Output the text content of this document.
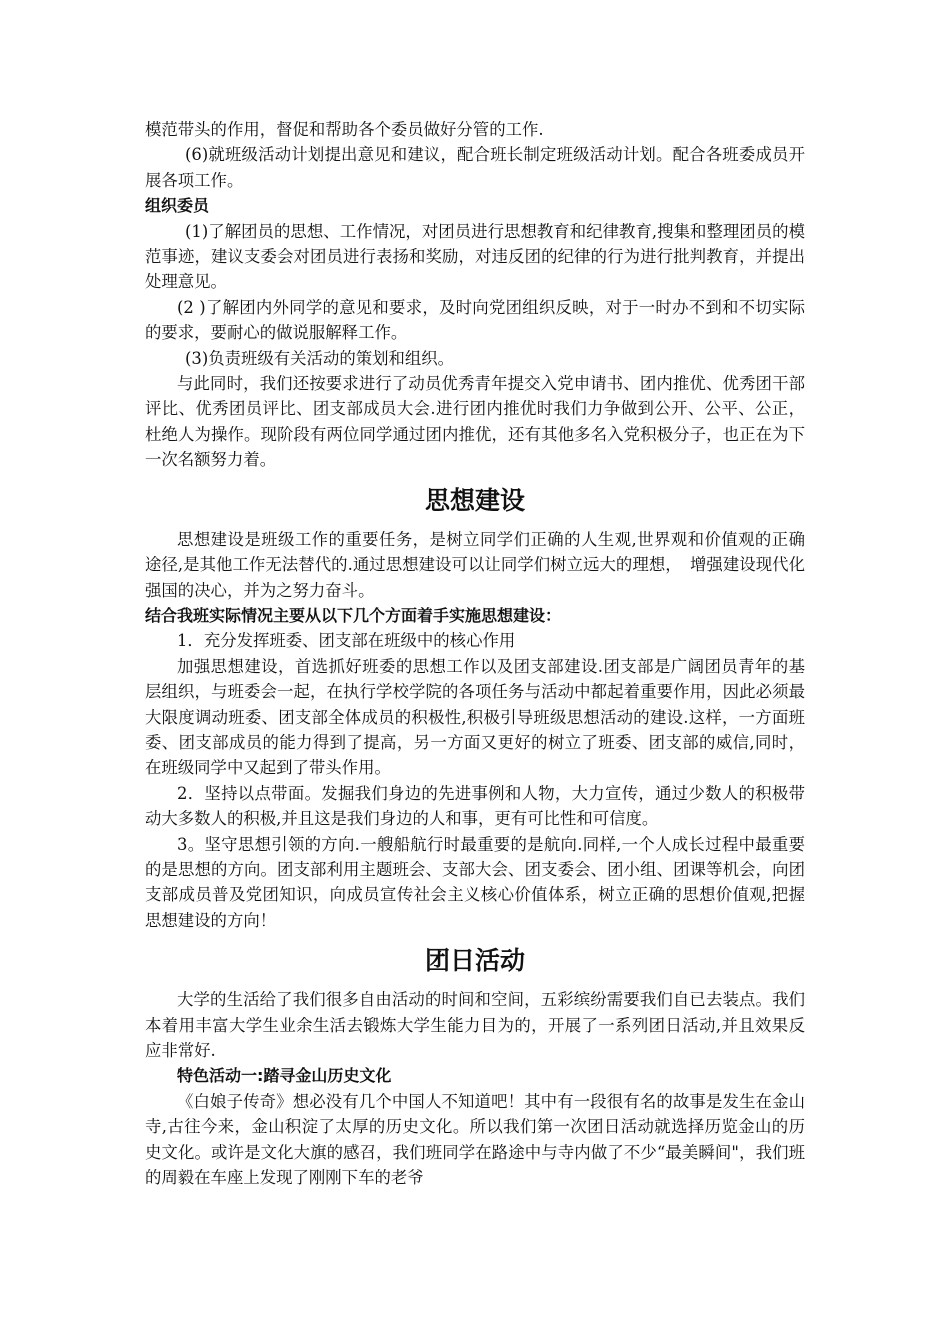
模范带头的作用，督促和帮助各个委员做好分管的工作.

(6)就班级活动计划提出意见和建议，配合班长制定班级活动计划。配合各班委成员开展各项工作。

组织委员

(1)了解团员的思想、工作情况，对团员进行思想教育和纪律教育,搜集和整理团员的模范事迹，建议支委会对团员进行表扬和奖励，对违反团的纪律的行为进行批判教育，并提出处理意见。

(2 )了解团内外同学的意见和要求，及时向党团组织反映，对于一时办不到和不切实际的要求，要耐心的做说服解释工作。

(3)负责班级有关活动的策划和组织。

与此同时，我们还按要求进行了动员优秀青年提交入党申请书、团内推优、优秀团干部评比、优秀团员评比、团支部成员大会.进行团内推优时我们力争做到公开、公平、公正，杜绝人为操作。现阶段有两位同学通过团内推优，还有其他多名入党积极分子，也正在为下一次名额努力着。

思想建设

思想建设是班级工作的重要任务，是树立同学们正确的人生观,世界观和价值观的正确途径,是其他工作无法替代的.通过思想建设可以让同学们树立远大的理想，　增强建设现代化强国的决心，并为之努力奋斗。

结合我班实际情况主要从以下几个方面着手实施思想建设：

1．充分发挥班委、团支部在班级中的核心作用

加强思想建设，首选抓好班委的思想工作以及团支部建设.团支部是广阔团员青年的基层组织，与班委会一起，在执行学校学院的各项任务与活动中都起着重要作用，因此必须最大限度调动班委、团支部全体成员的积极性,积极引导班级思想活动的建设.这样，一方面班委、团支部成员的能力得到了提高，另一方面又更好的树立了班委、团支部的威信,同时，在班级同学中又起到了带头作用。

2．坚持以点带面。发掘我们身边的先进事例和人物，大力宣传，通过少数人的积极带动大多数人的积极,并且这是我们身边的人和事，更有可比性和可信度。

3。坚守思想引领的方向.一艘船航行时最重要的是航向.同样,一个人成长过程中最重要的是思想的方向。团支部利用主题班会、支部大会、团支委会、团小组、团课等机会，向团支部成员普及党团知识，向成员宣传社会主义核心价值体系，树立正确的思想价值观,把握思想建设的方向！

团日活动

大学的生活给了我们很多自由活动的时间和空间，五彩缤纷需要我们自已去装点。我们本着用丰富大学生业余生活去锻炼大学生能力目为的，开展了一系列团日活动,并且效果反应非常好.

特色活动一:踏寻金山历史文化

《白娘子传奇》想必没有几个中国人不知道吧！其中有一段很有名的故事是发生在金山寺,古往今来，金山积淀了太厚的历史文化。所以我们第一次团日活动就选择历览金山的历史文化。或许是文化大旗的感召，我们班同学在路途中与寺内做了不少“最美瞬间"，我们班的周毅在车座上发现了刚刚下车的老爷
